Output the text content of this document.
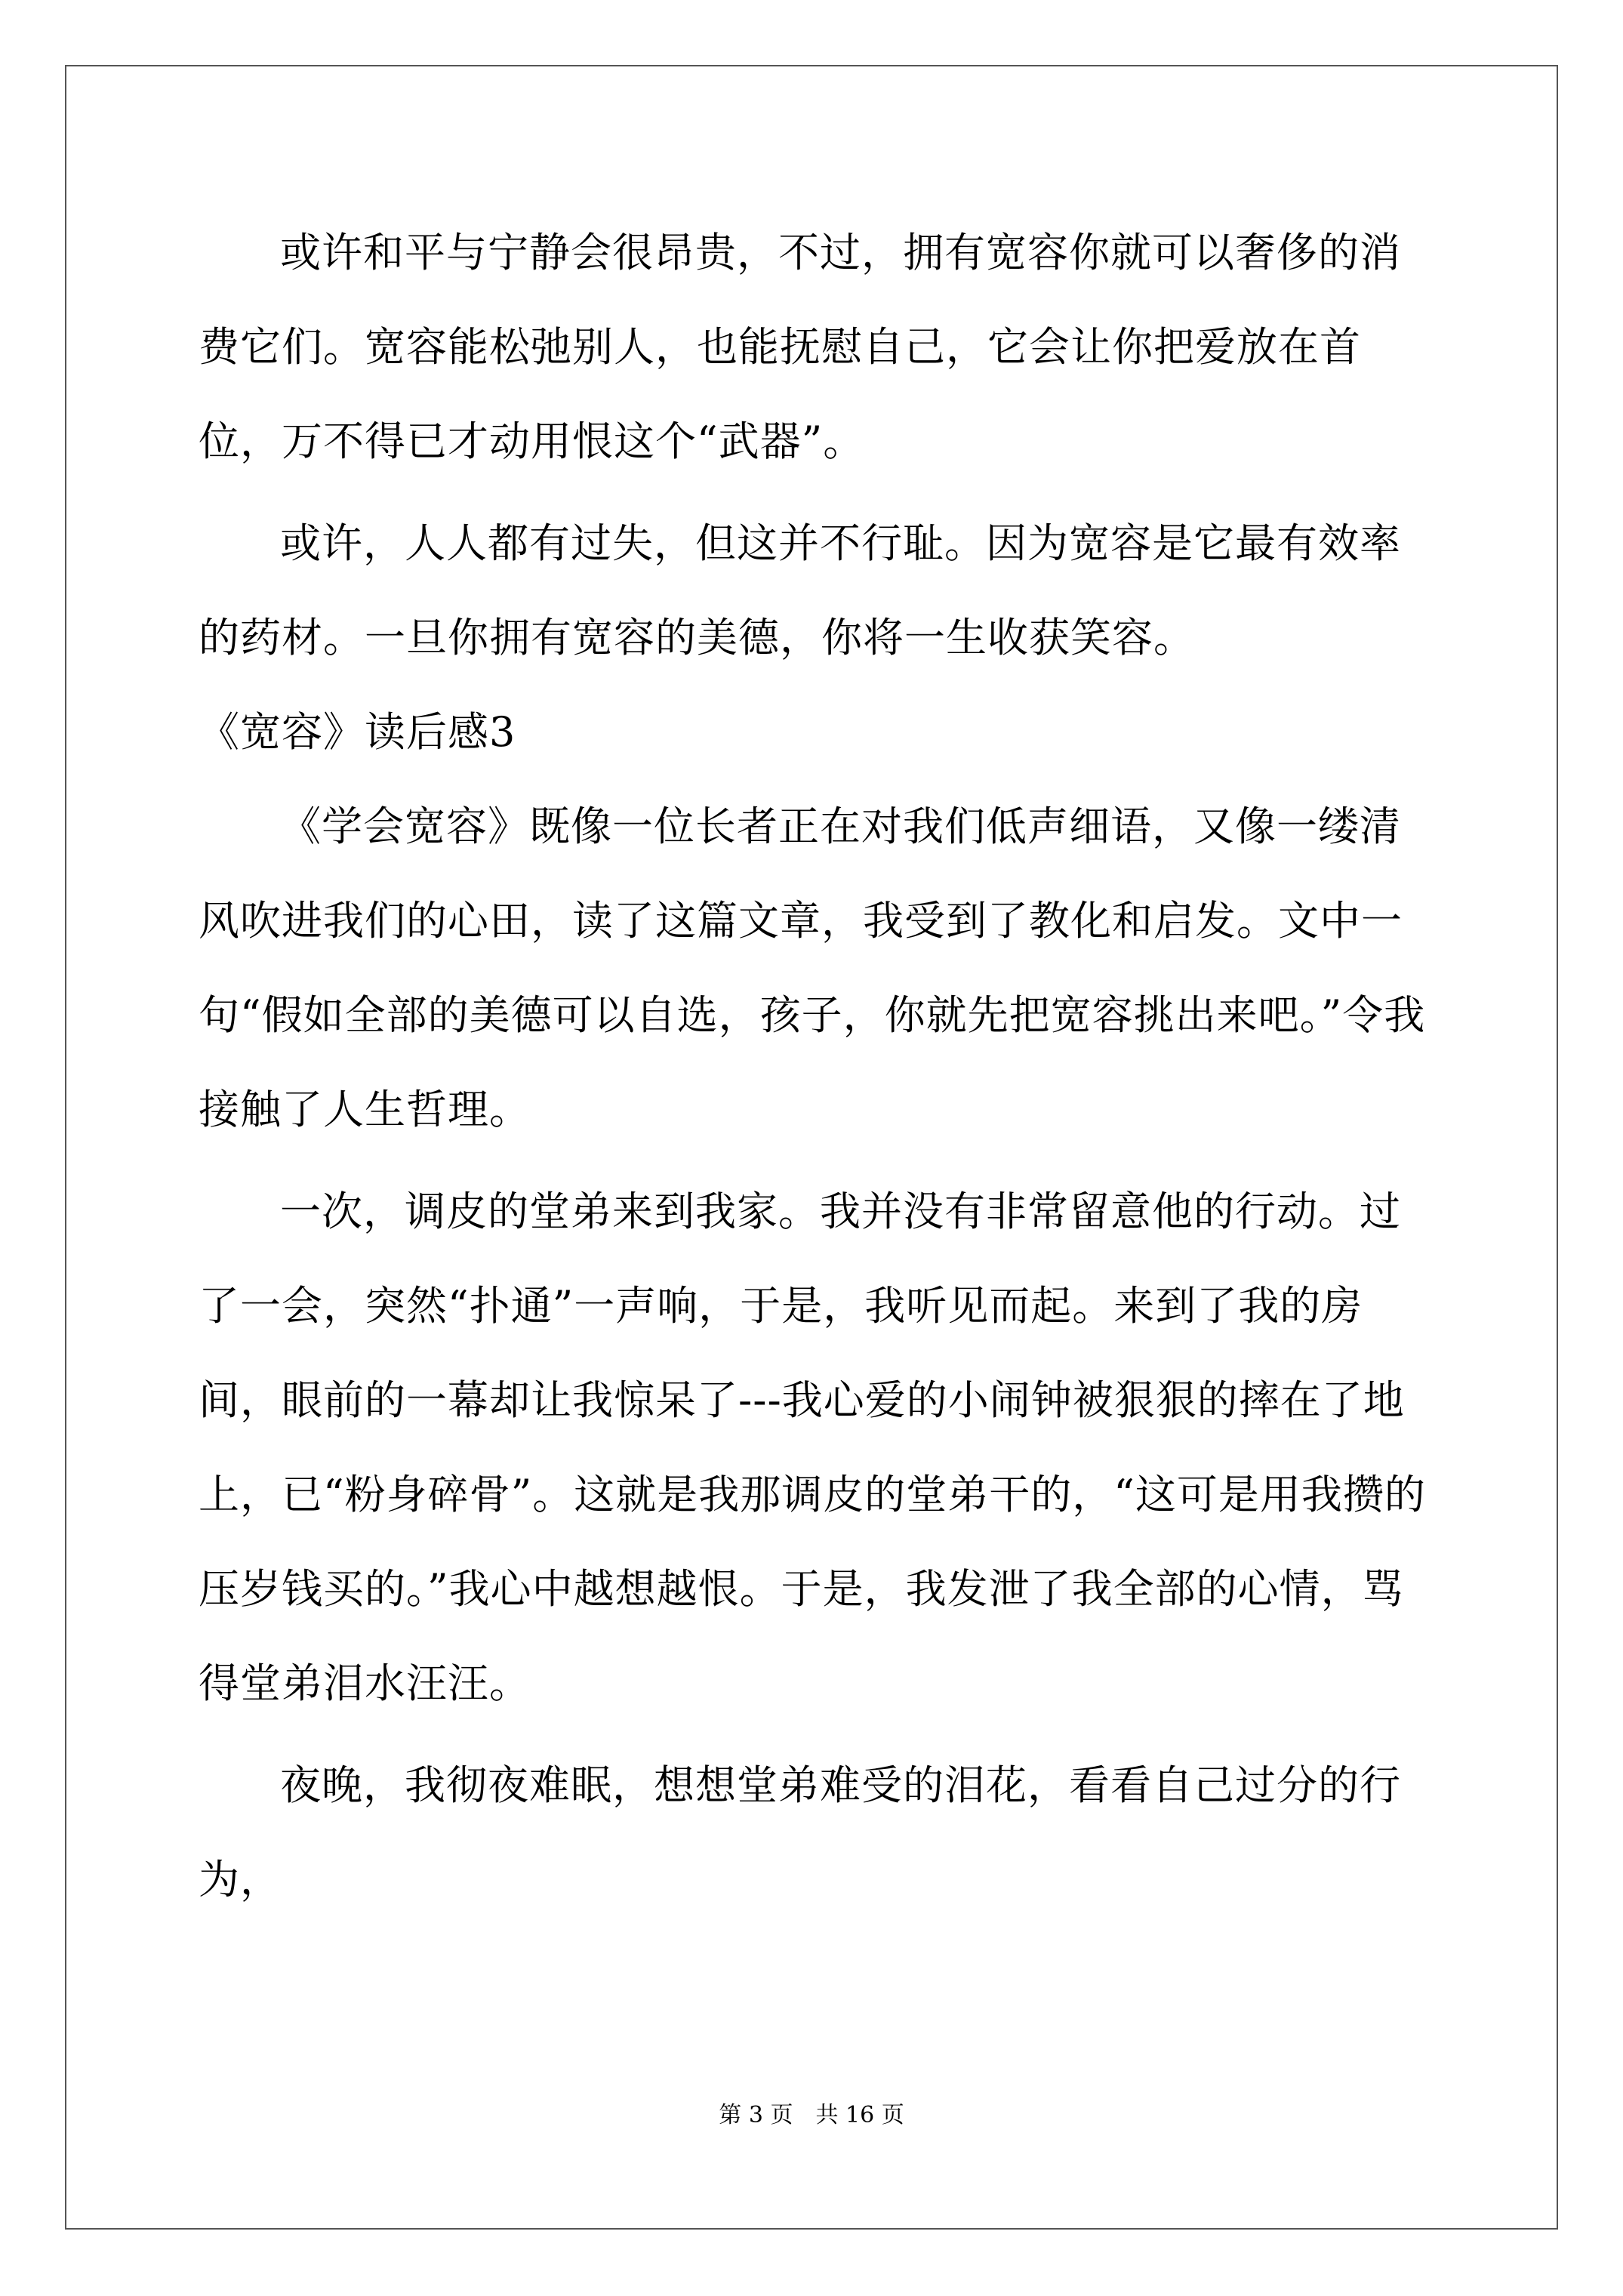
或许和平与宁静会很昂贵，不过，拥有宽容你就可以奢侈的消费它们。宽容能松弛别人，也能抚慰自己，它会让你把爱放在首位，万不得已才动用恨这个“武器”。

或许，人人都有过失，但这并不行耻。因为宽容是它最有效率的药材。一旦你拥有宽容的美德，你将一生收获笑容。

《宽容》读后感3

《学会宽容》既像一位长者正在对我们低声细语，又像一缕清风吹进我们的心田，读了这篇文章，我受到了教化和启发。文中一句“假如全部的美德可以自选，孩子，你就先把宽容挑出来吧。”令我接触了人生哲理。

一次，调皮的堂弟来到我家。我并没有非常留意他的行动。过了一会，突然“扑通”一声响，于是，我听见而起。来到了我的房间，眼前的一幕却让我惊呆了---我心爱的小闹钟被狠狠的摔在了地上，已“粉身碎骨”。这就是我那调皮的堂弟干的，“这可是用我攒的压岁钱买的。”我心中越想越恨。于是，我发泄了我全部的心情，骂得堂弟泪水汪汪。

夜晚，我彻夜难眠，想想堂弟难受的泪花，看看自己过分的行为，

第 3 页　共 16 页
